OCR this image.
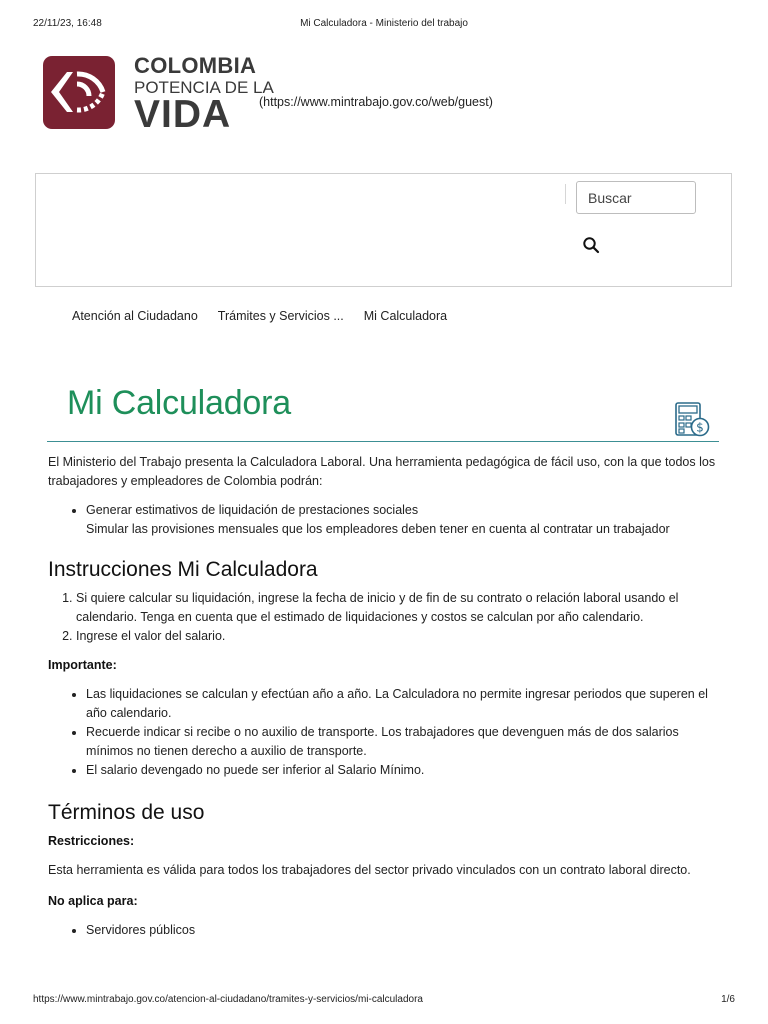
22/11/23, 16:48	Mi Calculadora - Ministerio del trabajo
COLOMBIA
POTENCIA DE LA
VIDA	(https://www.mintrabajo.gov.co/web/guest)
Buscar
Atención al Ciudadano Trámites y Servicios ... Mi Calculadora
Mi Calculadora
$

El Ministerio del Trabajo presenta la Calculadora Laboral. Una herramienta pedagógica de fácil uso, con la que todos los trabajadores y empleadores de Colombia podrán:

• Generar estimativos de liquidación de prestaciones sociales
• Simular las provisiones mensuales que los empleadores deben tener en cuenta al contratar un trabajador
Instrucciones Mi Calculadora
1. Si quiere calcular su liquidación, ingrese la fecha de inicio y de fin de su contrato o relación laboral usando el calendario. Tenga en cuenta que el estimado de liquidaciones y costos se calculan por año calendario.
2. Ingrese el valor del salario.
Importante:
• Las liquidaciones se calculan y efectúan año a año. La Calculadora no permite ingresar periodos que superen el año calendario.
• Recuerde indicar si recibe o no auxilio de transporte. Los trabajadores que devenguen más de dos salarios mínimos no tienen derecho a auxilio de transporte.
• El salario devengado no puede ser inferior al Salario Mínimo.
Términos de uso
Restricciones:

Esta herramienta es válida para todos los trabajadores del sector privado vinculados con un contrato laboral directo.

No aplica para:
• Servidores públicos
https://www.mintrabajo.gov.co/atencion-al-ciudadano/tramites-y-servicios/mi-calculadora	1/6
